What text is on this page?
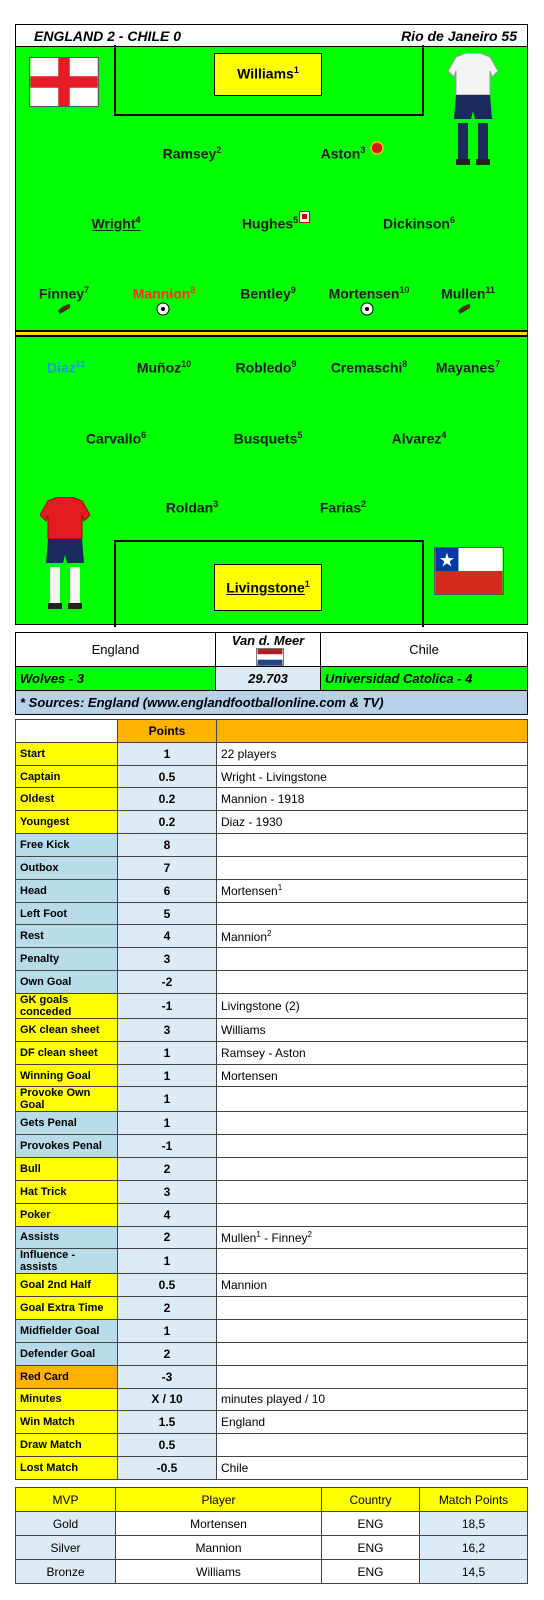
ENGLAND 2 - CHILE 0	Rio de Janeiro 55
Williams$^1$
Ramsey$^2$	Aston$^3$
Wright$^4$	Hughes$^5$	Dickinson$^6$
Finney$^7$	Mannion$^8$	Bentley$^9$ Mortensen$^{10}$ Mullen$^{11}$
Diaz$^{11}$	Muñoz$^{10}$	Robledo$^9$ Cremaschi$^8$ Mayanes$^7$
Carvallo$^6$	Busquets$^5$	Alvarez$^4$
Roldan$^3$	Farias$^2$
Livingstone$^1$
England	Van d. Meer	Chile
Wolves - 3	29.703	Universidad Catolica - 4
* Sources: England (www.englandfootballonline.com & TV)		
	Points	
Start	1	22 players
Captain	0.5	Wright - Livingstone
Oldest	0.2	Mannion - 1918
Youngest	0.2	Diaz - 1930
Free Kick	8	
Outbox	7	
Head	6	Mortensen$^1$
Left Foot	5	
Rest	4	Mannion$^2$
Penalty	3	
Own Goal	-2	
GK goals conceded	-1	Livingstone (2)
GK clean sheet	3	Williams
DF clean sheet	1	Ramsey - Aston
Winning Goal	1	Mortensen
Provoke Own Goal	1	
Gets Penal	1	
Provokes Penal	-1	
Bull	2	
Hat Trick	3	
Poker	4	
Assists	2	Mullen$^1$ - Finney$^2$
Influence - assists	1	
Goal 2nd Half	0.5	Mannion
Goal Extra Time	2	
Midfielder Goal	1	
Defender Goal	2	
Red Card	-3	
Minutes	X / 10	minutes played / 10
Win Match	1.5	England
Draw Match	0.5	
Lost Match	-0.5	Chile
MVP	Player	Country	Match Points
Gold	Mortensen	ENG	18,5
Silver	Mannion	ENG	16,2
Bronze	Williams	ENG	14,5
